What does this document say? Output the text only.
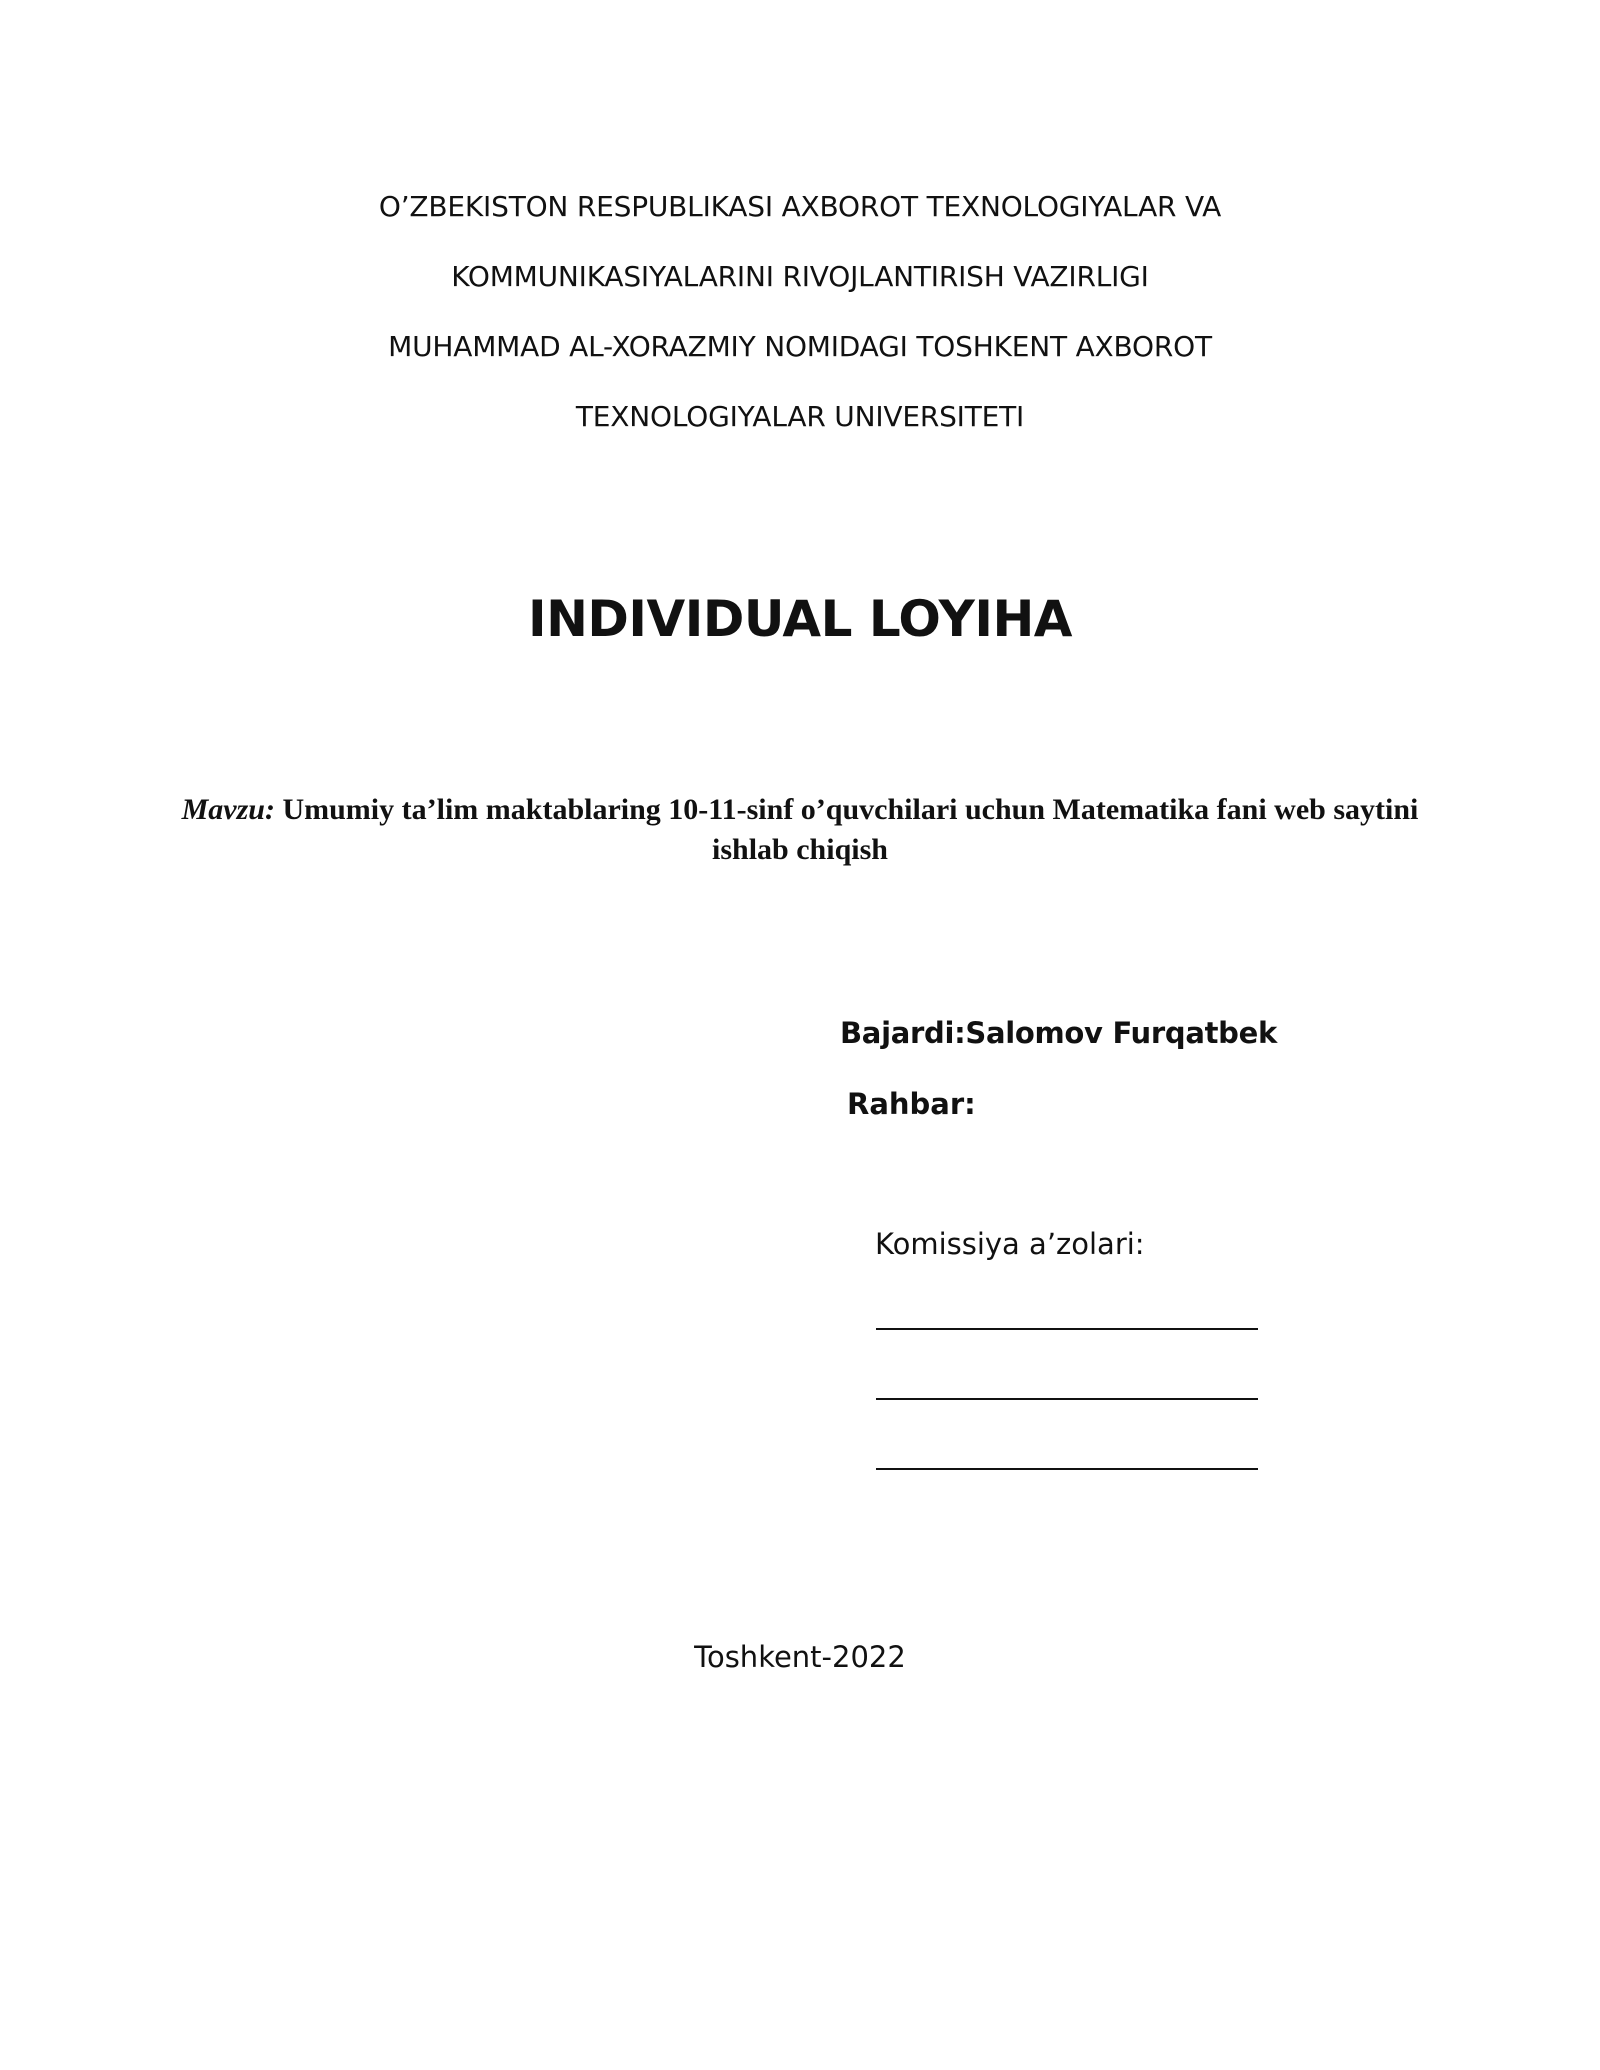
O’ZBEKISTON RESPUBLIKASI AXBOROT TEXNOLOGIYALAR VA
KOMMUNIKASIYALARINI RIVOJLANTIRISH VAZIRLIGI
MUHAMMAD AL-XORAZMIY NOMIDAGI TOSHKENT AXBOROT
TEXNOLOGIYALAR UNIVERSITETI
INDIVIDUAL LOYIHA
Mavzu: Umumiy ta’lim maktablaring 10-11-sinf o’quvchilari uchun Matematika fani web saytini ishlab chiqish
Bajardi:Salomov Furqatbek
Rahbar:
Komissiya a’zolari:
Toshkent-2022
